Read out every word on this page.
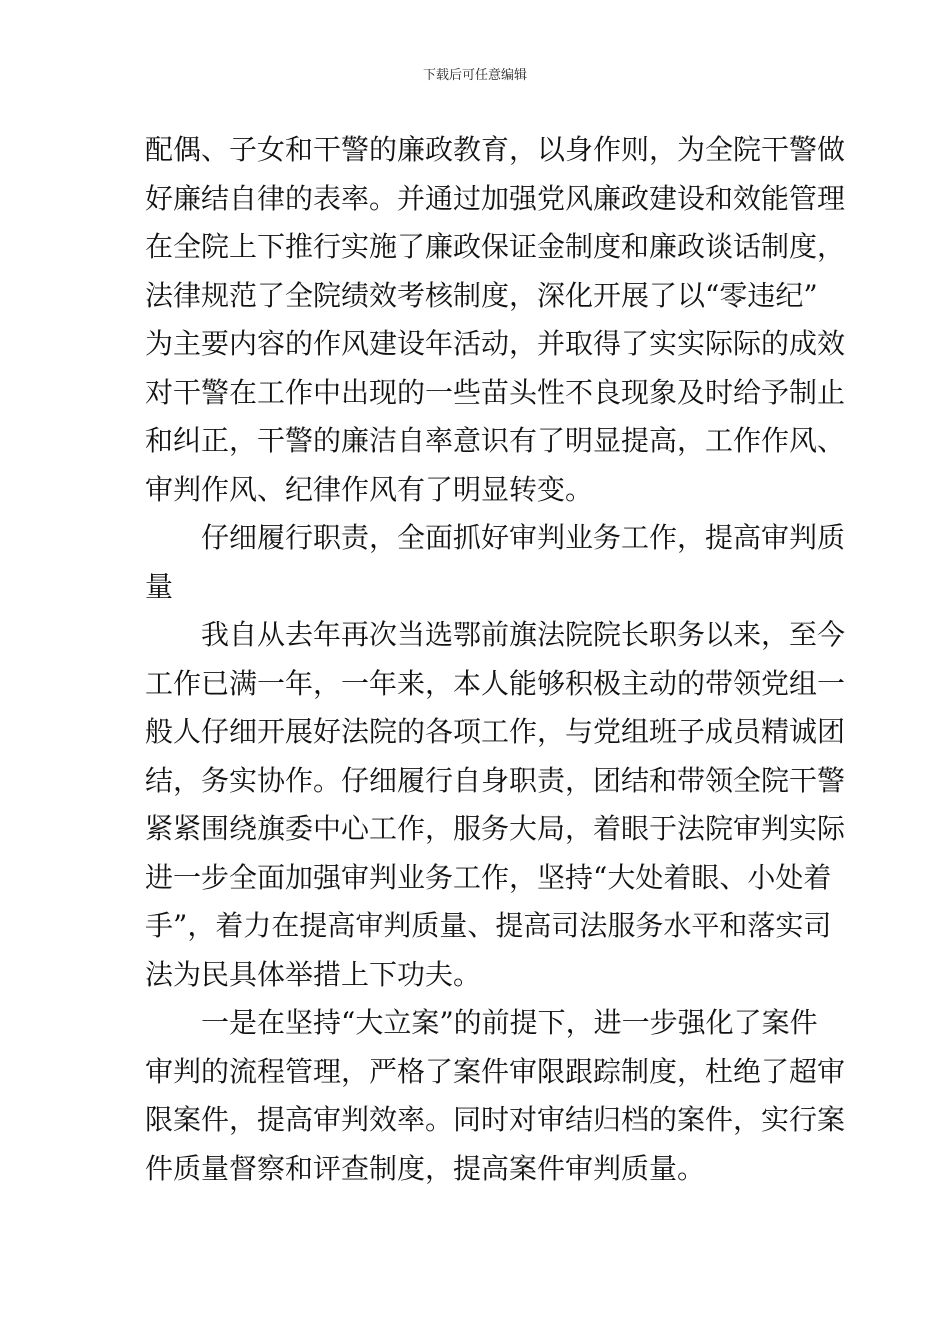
下载后可任意编辑
配偶、子女和干警的廉政教育，以身作则，为全院干警做
好廉结自律的表率。并通过加强党风廉政建设和效能管理
在全院上下推行实施了廉政保证金制度和廉政谈话制度，
法律规范了全院绩效考核制度，深化开展了以“零违纪”
为主要内容的作风建设年活动，并取得了实实际际的成效
对干警在工作中出现的一些苗头性不良现象及时给予制止
和纠正，干警的廉洁自率意识有了明显提高，工作作风、
审判作风、纪律作风有了明显转变。
仔细履行职责，全面抓好审判业务工作，提高审判质
量
我自从去年再次当选鄂前旗法院院长职务以来，至今
工作已满一年，一年来，本人能够积极主动的带领党组一
般人仔细开展好法院的各项工作，与党组班子成员精诚团
结，务实协作。仔细履行自身职责，团结和带领全院干警
紧紧围绕旗委中心工作，服务大局，着眼于法院审判实际
进一步全面加强审判业务工作，坚持“大处着眼、小处着
手”，着力在提高审判质量、提高司法服务水平和落实司
法为民具体举措上下功夫。
一是在坚持“大立案”的前提下，进一步强化了案件
审判的流程管理，严格了案件审限跟踪制度，杜绝了超审
限案件，提高审判效率。同时对审结归档的案件，实行案
件质量督察和评查制度，提高案件审判质量。
